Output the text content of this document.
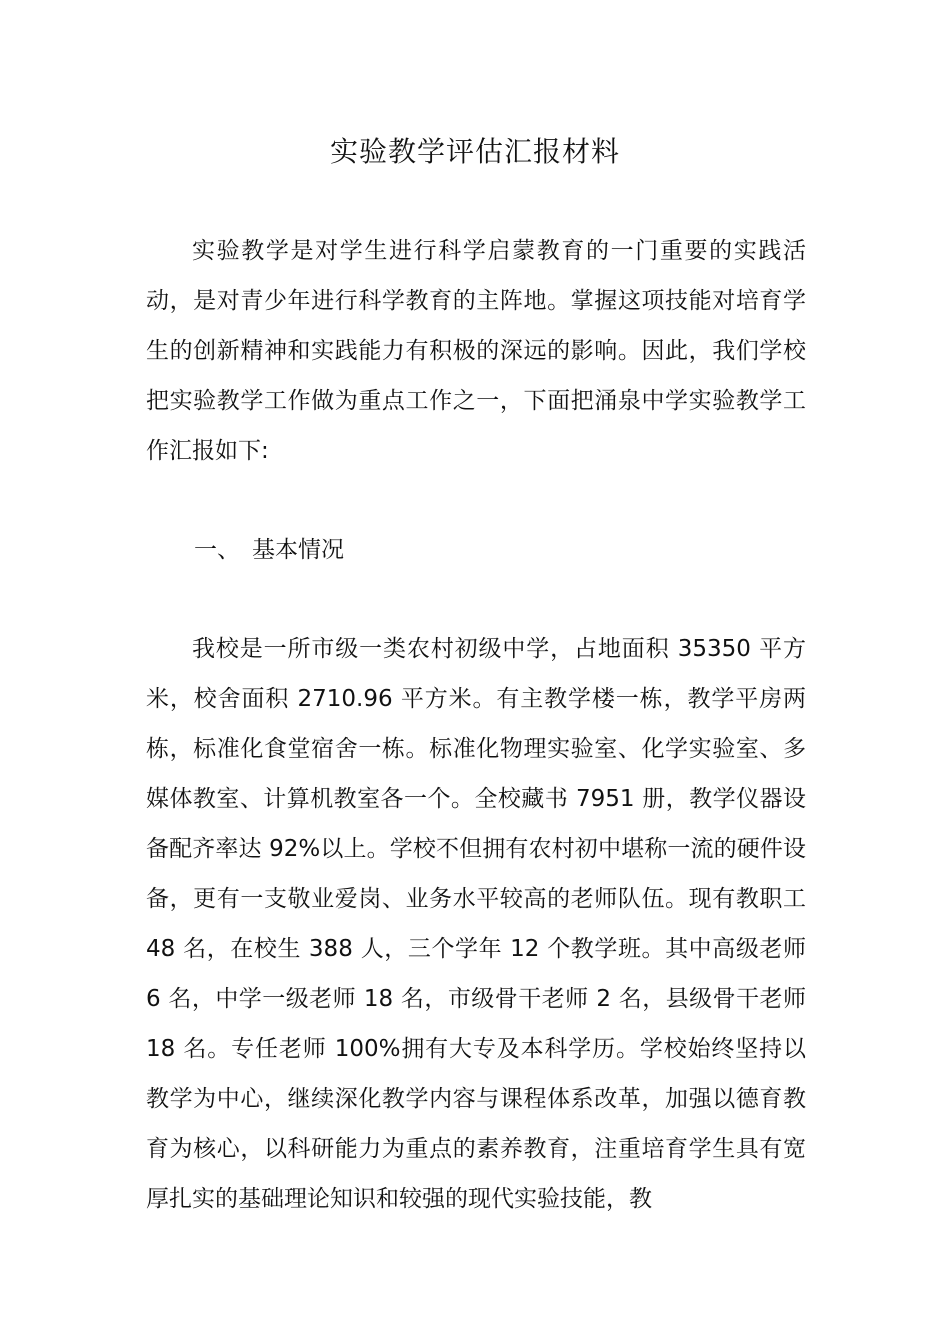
实验教学评估汇报材料

实验教学是对学生进行科学启蒙教育的一门重要的实践活动，是对青少年进行科学教育的主阵地。掌握这项技能对培育学生的创新精神和实践能力有积极的深远的影响。因此，我们学校把实验教学工作做为重点工作之一，下面把涌泉中学实验教学工作汇报如下:

一、 基本情况

我校是一所市级一类农村初级中学，占地面积 35350 平方米，校舍面积 2710.96 平方米。有主教学楼一栋，教学平房两栋，标准化食堂宿舍一栋。标准化物理实验室、化学实验室、多媒体教室、计算机教室各一个。全校藏书 7951 册，教学仪器设备配齐率达 92%以上。学校不但拥有农村初中堪称一流的硬件设备，更有一支敬业爱岗、业务水平较高的老师队伍。现有教职工 48 名，在校生 388 人，三个学年 12 个教学班。其中高级老师 6 名，中学一级老师 18 名，市级骨干老师 2 名，县级骨干老师 18 名。专任老师 100%拥有大专及本科学历。学校始终坚持以教学为中心，继续深化教学内容与课程体系改革，加强以德育教育为核心，以科研能力为重点的素养教育，注重培育学生具有宽厚扎实的基础理论知识和较强的现代实验技能，教
